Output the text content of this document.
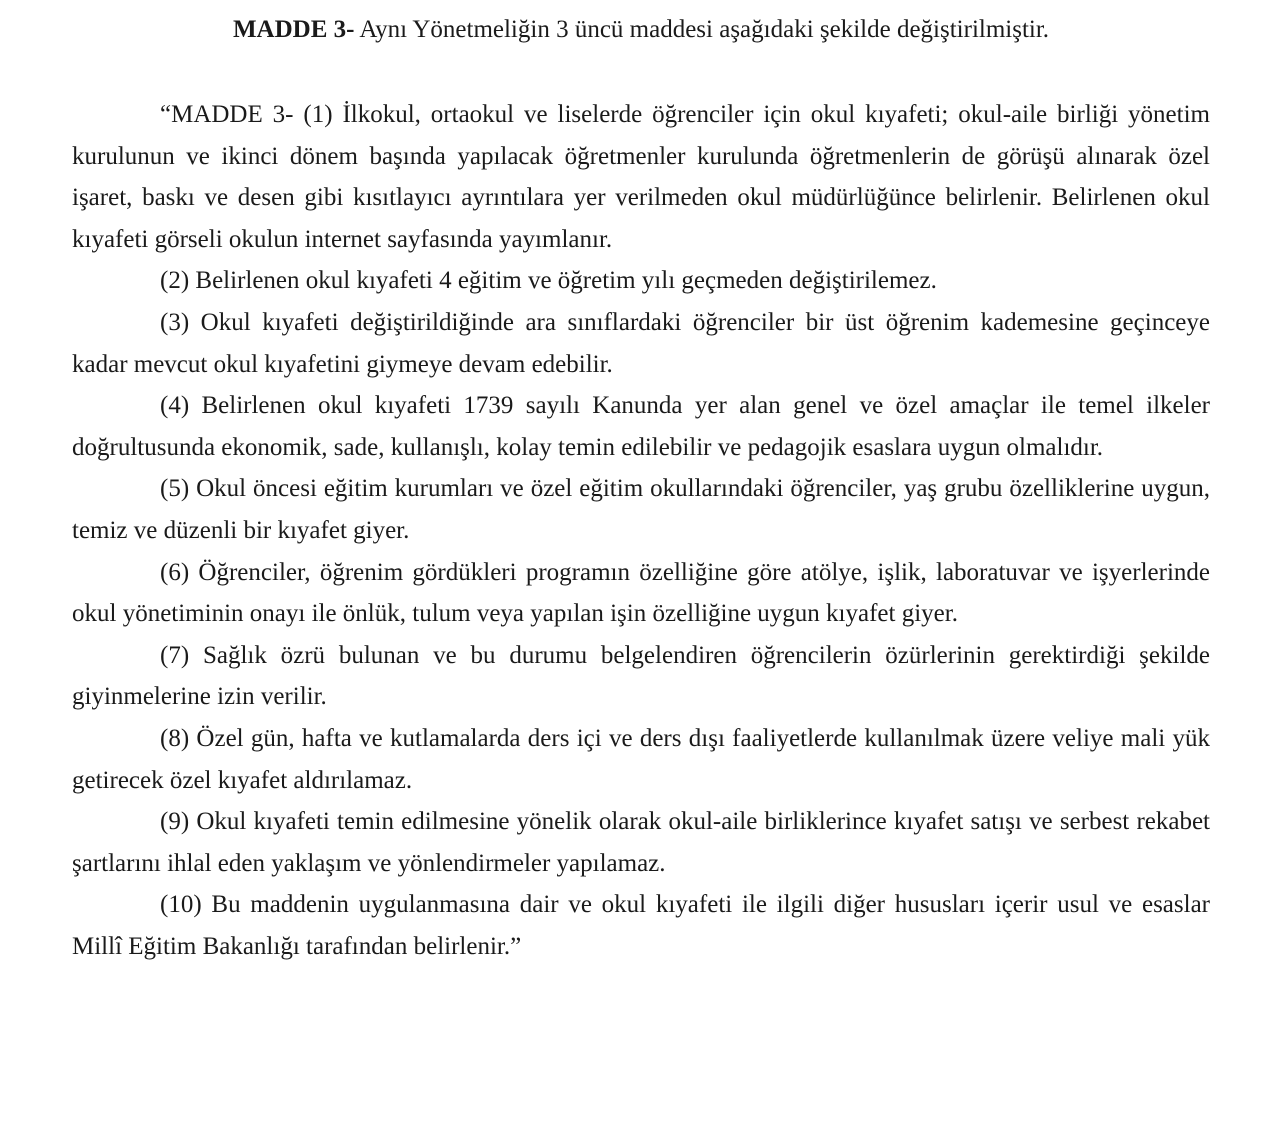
MADDE 3- Aynı Yönetmeliğin 3 üncü maddesi aşağıdaki şekilde değiştirilmiştir.

“MADDE 3- (1) İlkokul, ortaokul ve liselerde öğrenciler için okul kıyafeti; okul-aile birliği yönetim kurulunun ve ikinci dönem başında yapılacak öğretmenler kurulunda öğretmenlerin de görüşü alınarak özel işaret, baskı ve desen gibi kısıtlayıcı ayrıntılara yer verilmeden okul müdürlüğünce belirlenir. Belirlenen okul kıyafeti görseli okulun internet sayfasında yayımlanır.

(2) Belirlenen okul kıyafeti 4 eğitim ve öğretim yılı geçmeden değiştirilemez.

(3) Okul kıyafeti değiştirildiğinde ara sınıflardaki öğrenciler bir üst öğrenim kademesine geçinceye kadar mevcut okul kıyafetini giymeye devam edebilir.

(4) Belirlenen okul kıyafeti 1739 sayılı Kanunda yer alan genel ve özel amaçlar ile temel ilkeler doğrultusunda ekonomik, sade, kullanışlı, kolay temin edilebilir ve pedagojik esaslara uygun olmalıdır.

(5) Okul öncesi eğitim kurumları ve özel eğitim okullarındaki öğrenciler, yaş grubu özelliklerine uygun, temiz ve düzenli bir kıyafet giyer.

(6) Öğrenciler, öğrenim gördükleri programın özelliğine göre atölye, işlik, laboratuvar ve işyerlerinde okul yönetiminin onayı ile önlük, tulum veya yapılan işin özelliğine uygun kıyafet giyer.

(7) Sağlık özrü bulunan ve bu durumu belgelendiren öğrencilerin özürlerinin gerektirdiği şekilde giyinmelerine izin verilir.

(8) Özel gün, hafta ve kutlamalarda ders içi ve ders dışı faaliyetlerde kullanılmak üzere veliye mali yük getirecek özel kıyafet aldırılamaz.

(9) Okul kıyafeti temin edilmesine yönelik olarak okul-aile birliklerince kıyafet satışı ve serbest rekabet şartlarını ihlal eden yaklaşım ve yönlendirmeler yapılamaz.

(10) Bu maddenin uygulanmasına dair ve okul kıyafeti ile ilgili diğer hususları içerir usul ve esaslar Millî Eğitim Bakanlığı tarafından belirlenir.”
